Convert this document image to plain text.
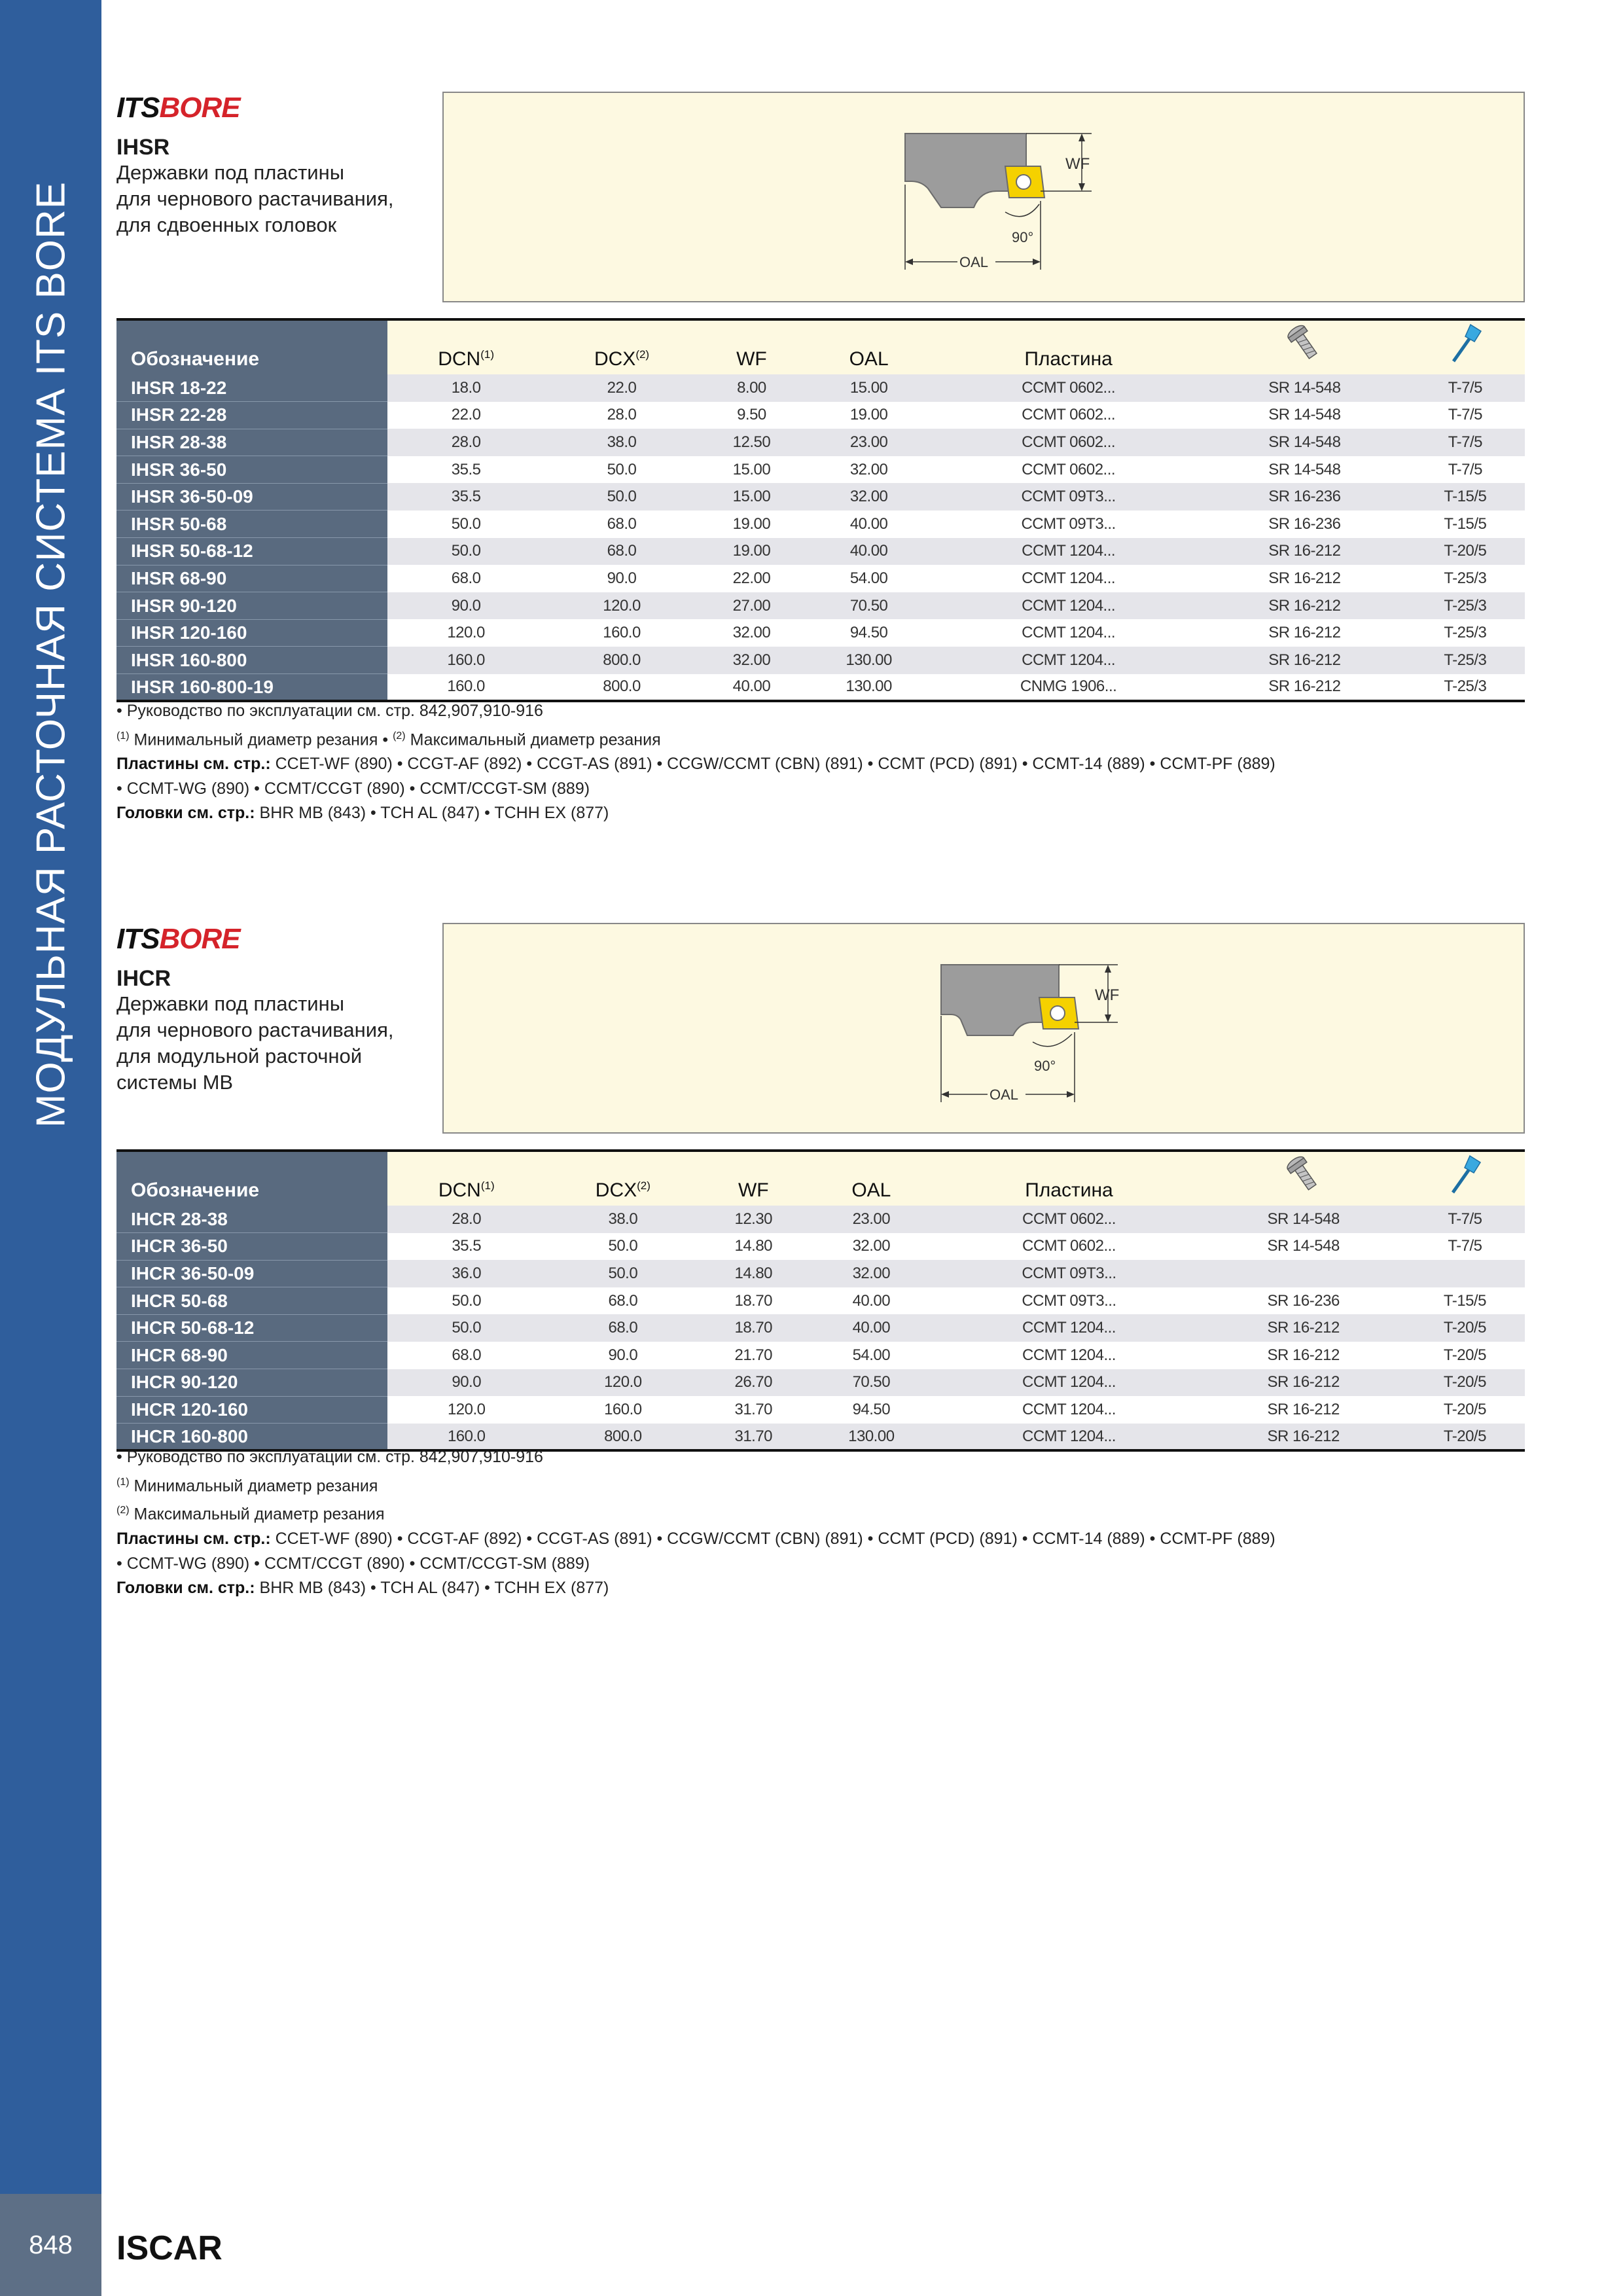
МОДУЛЬНАЯ РАСТОЧНАЯ СИСТЕМА ITS BORE
848	ISCAR
ITSBORE
IHSR
Державки под пластины
для чернового растачивания,
для сдвоенных головок
WF
90°
OAL
Обозначение	DCN$^{(1)}$	DCX$^{(2)}$	WF	OAL	Пластина		
IHSR 18-22	18.0	22.0	8.00	15.00	CCMT 0602...	SR 14-548	T-7/5
IHSR 22-28	22.0	28.0	9.50	19.00	CCMT 0602...	SR 14-548	T-7/5
IHSR 28-38	28.0	38.0	12.50	23.00	CCMT 0602...	SR 14-548	T-7/5
IHSR 36-50	35.5	50.0	15.00	32.00	CCMT 0602...	SR 14-548	T-7/5
IHSR 36-50-09	35.5	50.0	15.00	32.00	CCMT 09T3...	SR 16-236	T-15/5
IHSR 50-68	50.0	68.0	19.00	40.00	CCMT 09T3...	SR 16-236	T-15/5
IHSR 50-68-12	50.0	68.0	19.00	40.00	CCMT 1204...	SR 16-212	T-20/5
IHSR 68-90	68.0	90.0	22.00	54.00	CCMT 1204...	SR 16-212	T-25/3
IHSR 90-120	90.0	120.0	27.00	70.50	CCMT 1204...	SR 16-212	T-25/3
IHSR 120-160	120.0	160.0	32.00	94.50	CCMT 1204...	SR 16-212	T-25/3
IHSR 160-800	160.0	800.0	32.00	130.00	CCMT 1204...	SR 16-212	T-25/3
IHSR 160-800-19	160.0	800.0	40.00	130.00	CNMG 1906...	SR 16-212	T-25/3
• Руководство по эксплуатации см. стр. 842,907,910-916
$^{(1)}$ Минимальный диаметр резания • $^{(2)}$ Максимальный диаметр резания
Пластины см. стр.: CCET-WF (890) • CCGT-AF (892) • CCGT-AS (891) • CCGW/CCMT (CBN) (891) • CCMT (PCD) (891) • CCMT-14 (889) • CCMT-PF (889)
• CCMT-WG (890) • CCMT/CCGT (890) • CCMT/CCGT-SM (889)
Головки см. стр.: BHR MB (843) • TCH AL (847) • TCHH EX (877)
ITSBORE
IHCR
Державки под пластины
для чернового растачивания,
для модульной расточной
системы MB
WF
90°
OAL
Обозначение	DCN$^{(1)}$	DCX$^{(2)}$	WF	OAL	Пластина		
IHCR 28-38	28.0	38.0	12.30	23.00	CCMT 0602...	SR 14-548	T-7/5
IHCR 36-50	35.5	50.0	14.80	32.00	CCMT 0602...	SR 14-548	T-7/5
IHCR 36-50-09	36.0	50.0	14.80	32.00	CCMT 09T3...		
IHCR 50-68	50.0	68.0	18.70	40.00	CCMT 09T3...	SR 16-236	T-15/5
IHCR 50-68-12	50.0	68.0	18.70	40.00	CCMT 1204...	SR 16-212	T-20/5
IHCR 68-90	68.0	90.0	21.70	54.00	CCMT 1204...	SR 16-212	T-20/5
IHCR 90-120	90.0	120.0	26.70	70.50	CCMT 1204...	SR 16-212	T-20/5
IHCR 120-160	120.0	160.0	31.70	94.50	CCMT 1204...	SR 16-212	T-20/5
IHCR 160-800	160.0	800.0	31.70	130.00	CCMT 1204...	SR 16-212	T-20/5
• Руководство по эксплуатации см. стр. 842,907,910-916
$^{(1)}$ Минимальный диаметр резания
$^{(2)}$ Максимальный диаметр резания
Пластины см. стр.: CCET-WF (890) • CCGT-AF (892) • CCGT-AS (891) • CCGW/CCMT (CBN) (891) • CCMT (PCD) (891) • CCMT-14 (889) • CCMT-PF (889)
• CCMT-WG (890) • CCMT/CCGT (890) • CCMT/CCGT-SM (889)
Головки см. стр.: BHR MB (843) • TCH AL (847) • TCHH EX (877)
